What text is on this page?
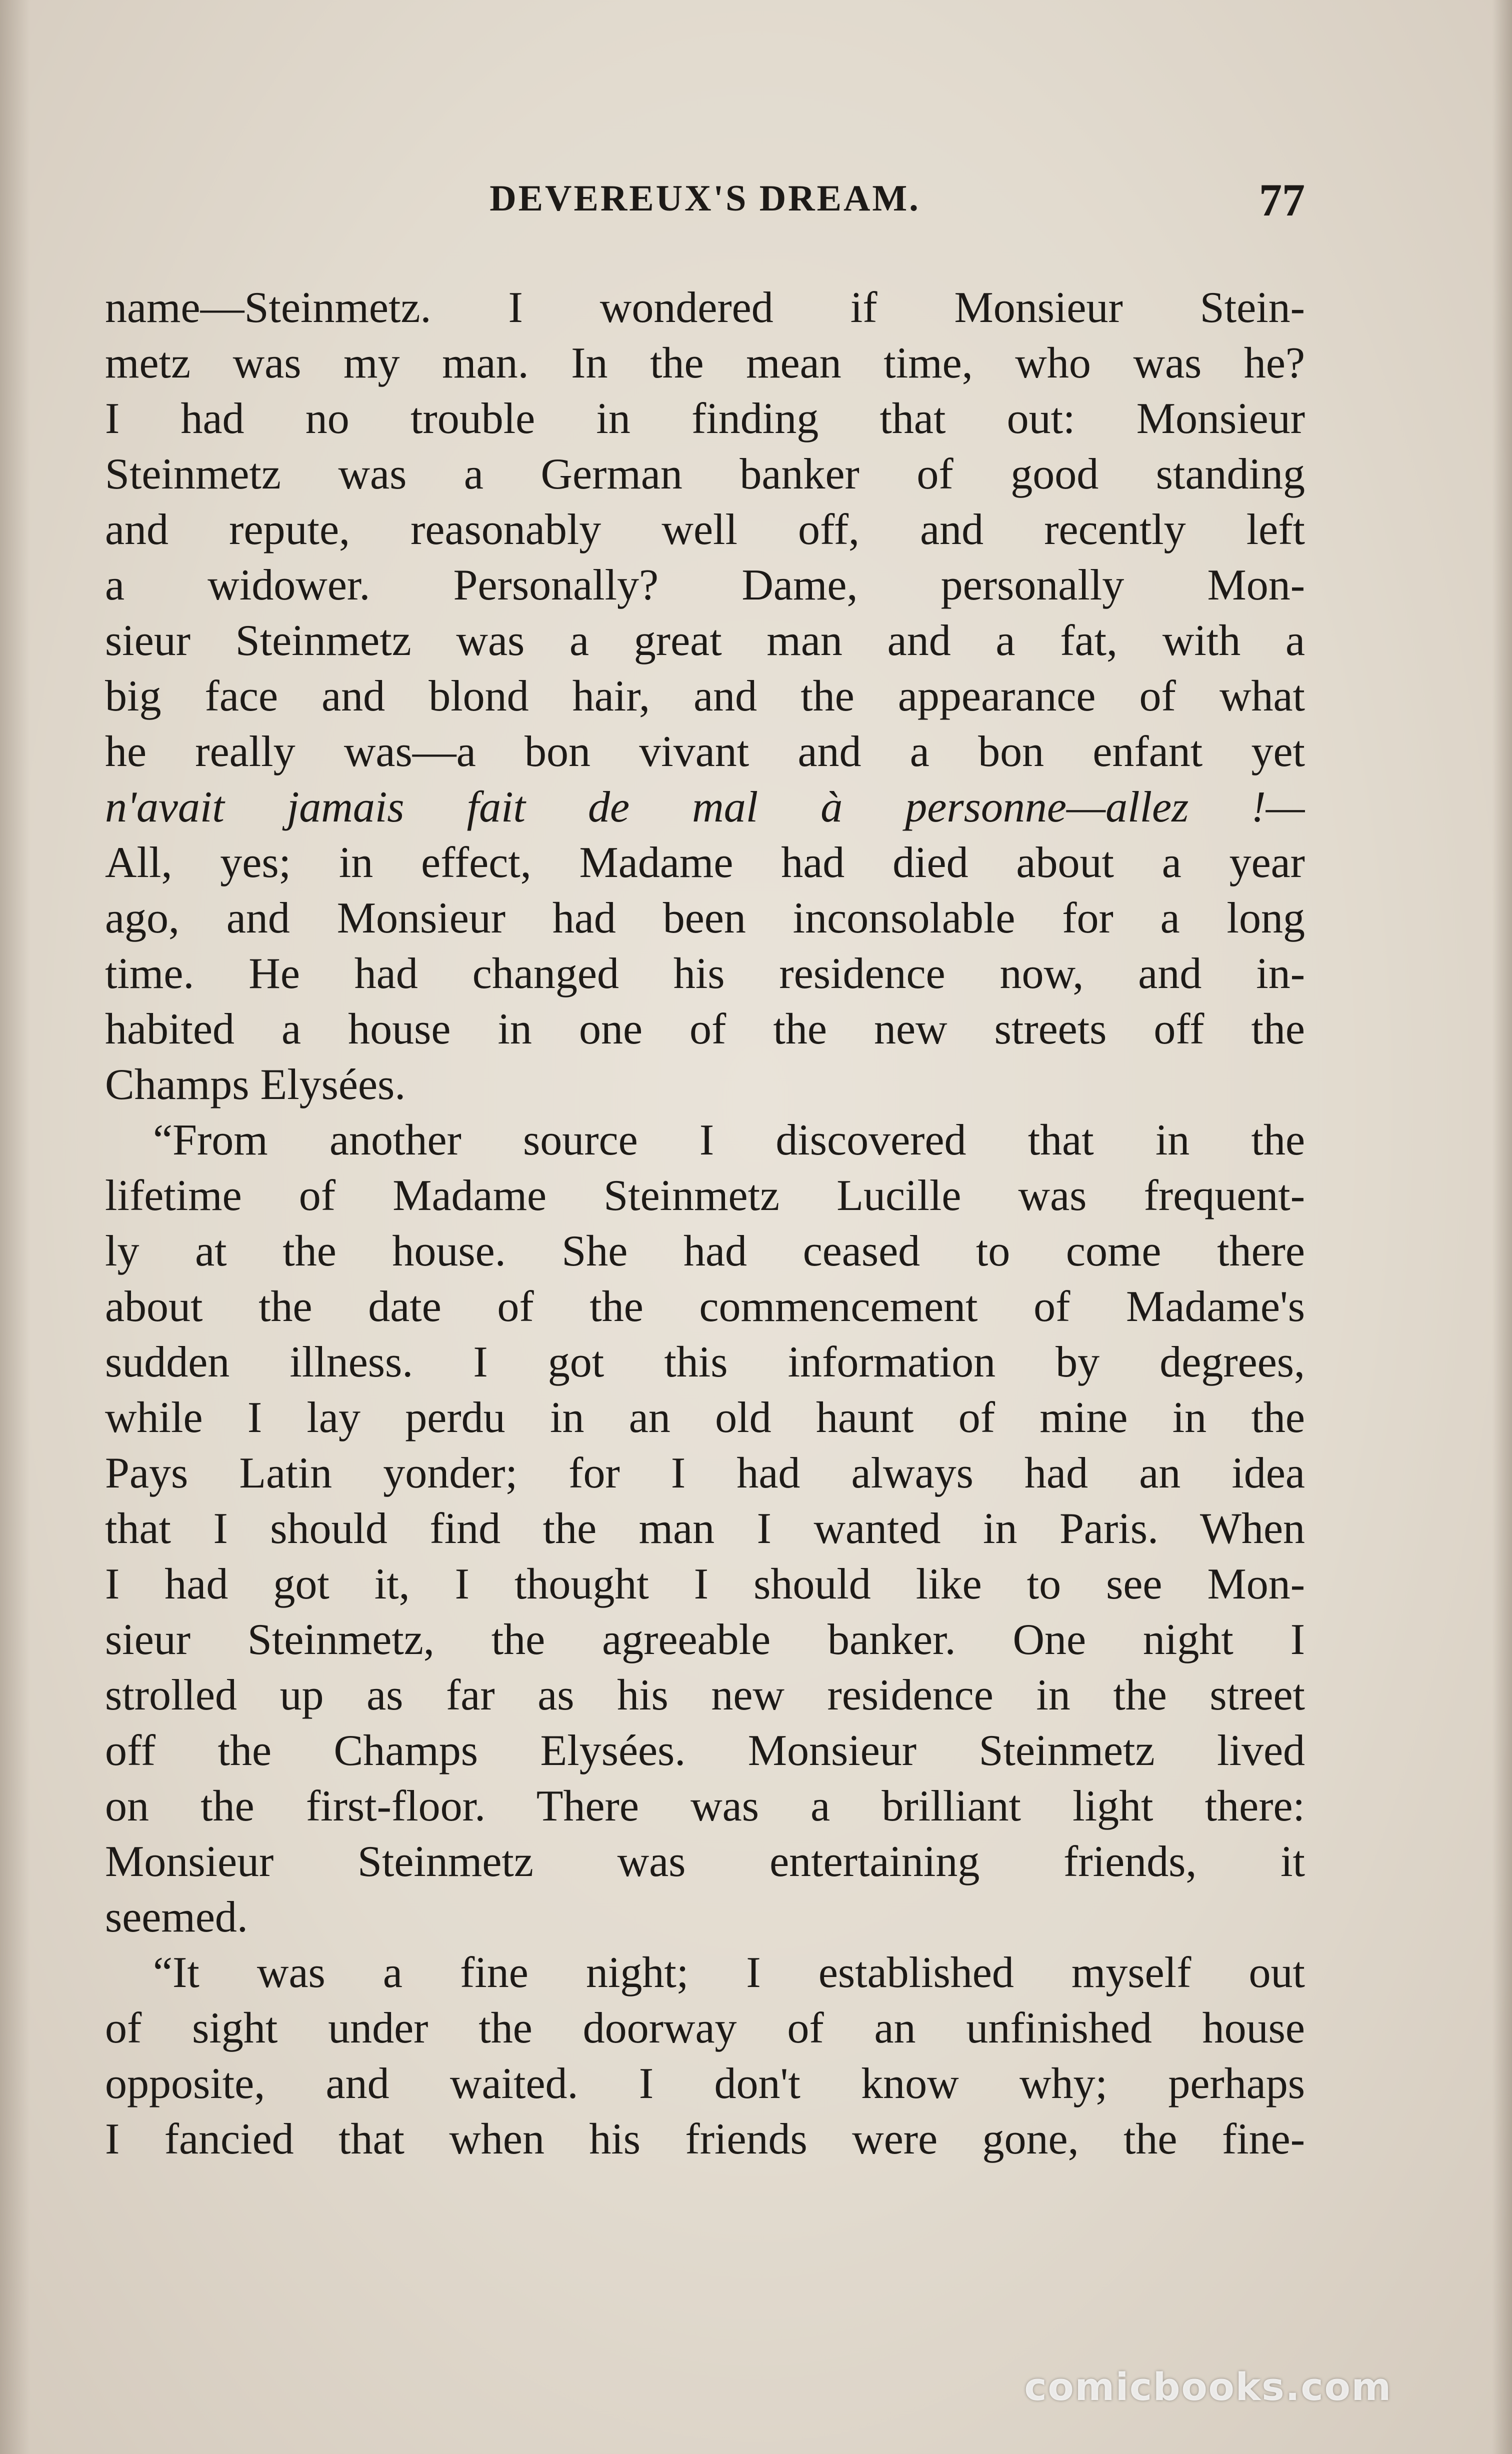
DEVEREUX'S DREAM.	77
name—Steinmetz. I wondered if Monsieur Stein-
metz was my man. In the mean time, who was he?
I had no trouble in finding that out: Monsieur
Steinmetz was a German banker of good standing
and repute, reasonably well off, and recently left
a widower. Personally? Dame, personally Mon-
sieur Steinmetz was a great man and a fat, with a
big face and blond hair, and the appearance of what
he really was—a bon vivant and a bon enfant yet
n'avait jamais fait de mal à personne—allez !—
All, yes; in effect, Madame had died about a year
ago, and Monsieur had been inconsolable for a long
time. He had changed his residence now, and in-
habited a house in one of the new streets off the
Champs Elysées.
“From another source I discovered that in the
lifetime of Madame Steinmetz Lucille was frequent-
ly at the house. She had ceased to come there
about the date of the commencement of Madame's
sudden illness. I got this information by degrees,
while I lay perdu in an old haunt of mine in the
Pays Latin yonder; for I had always had an idea
that I should find the man I wanted in Paris. When
I had got it, I thought I should like to see Mon-
sieur Steinmetz, the agreeable banker. One night I
strolled up as far as his new residence in the street
off the Champs Elysées. Monsieur Steinmetz lived
on the first-floor. There was a brilliant light there:
Monsieur Steinmetz was entertaining friends, it
seemed.
“It was a fine night; I established myself out
of sight under the doorway of an unfinished house
opposite, and waited. I don't know why; perhaps
I fancied that when his friends were gone, the fine-
comicbooks.com
